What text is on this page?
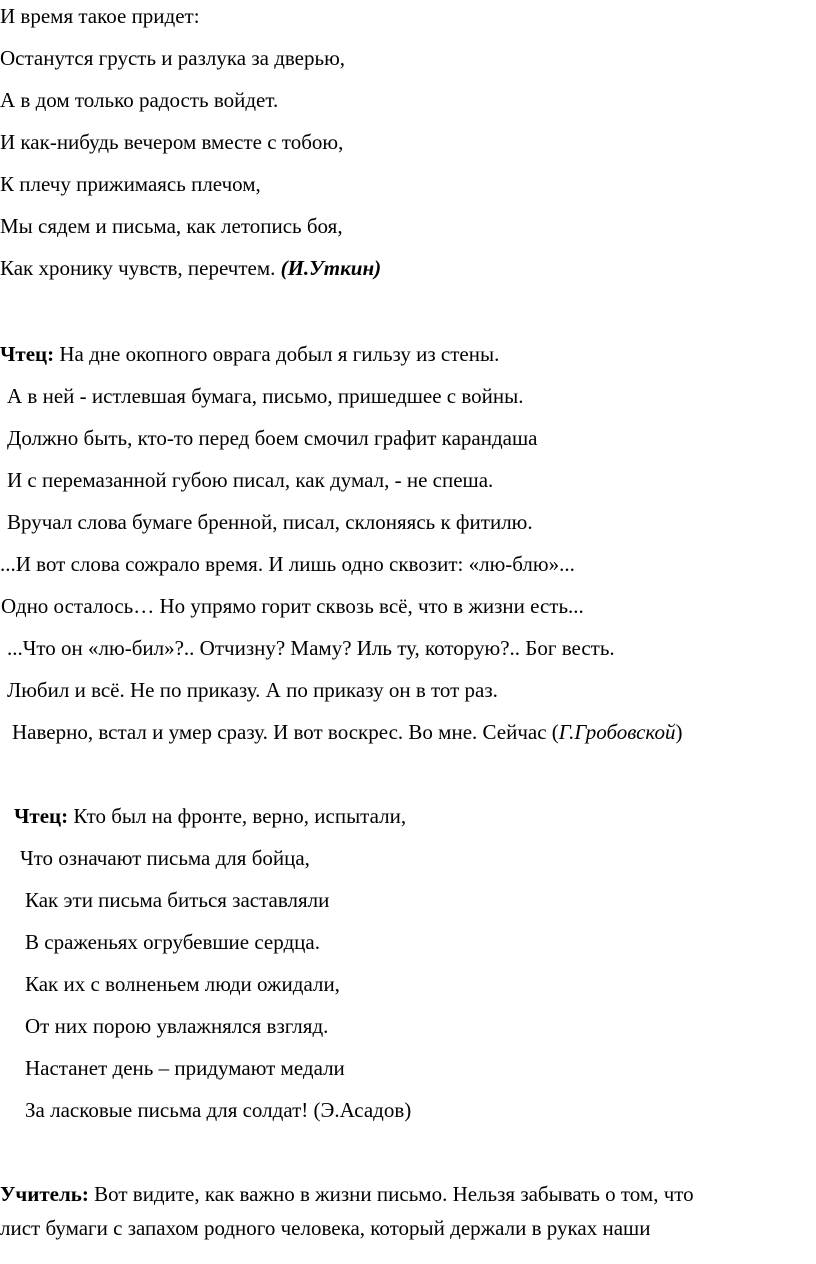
И время такое придет:
Останутся грусть и разлука за дверью,
А в дом только радость войдет.
И как-нибудь вечером вместе с тобою,
К плечу прижимаясь плечом,
Мы сядем и письма, как летопись боя,
Как хронику чувств, перечтем. (И.Уткин)
Чтец: На дне окопного оврага добыл я гильзу из стены.
А в ней - истлевшая бумага, письмо, пришедшее с войны.
Должно быть, кто-то перед боем смочил графит карандаша
И с перемазанной губою писал, как думал, - не спеша.
Вручал слова бумаге бренной, писал, склоняясь к фитилю.
...И вот слова сожрало время. И лишь одно сквозит: «лю-блю»...
Одно осталось… Но упрямо горит сквозь всё, что в жизни есть...
...Что он «лю-бил»?.. Отчизну? Маму? Иль ту, которую?.. Бог весть.
Любил и всё. Не по приказу. А по приказу он в тот раз.
Наверно, встал и умер сразу. И вот воскрес. Во мне. Сейчас (Г.Гробовской)
Чтец: Кто был на фронте, верно, испытали,
Что означают письма для бойца,
Как эти письма биться заставляли
В сраженьях огрубевшие сердца.
Как их с волненьем люди ожидали,
От них порою увлажнялся взгляд.
Настанет день – придумают медали
За ласковые письма для солдат! (Э.Асадов)
Учитель: Вот видите, как важно в жизни письмо. Нельзя забывать о том, что
лист бумаги с запахом родного человека, который держали в руках наши
